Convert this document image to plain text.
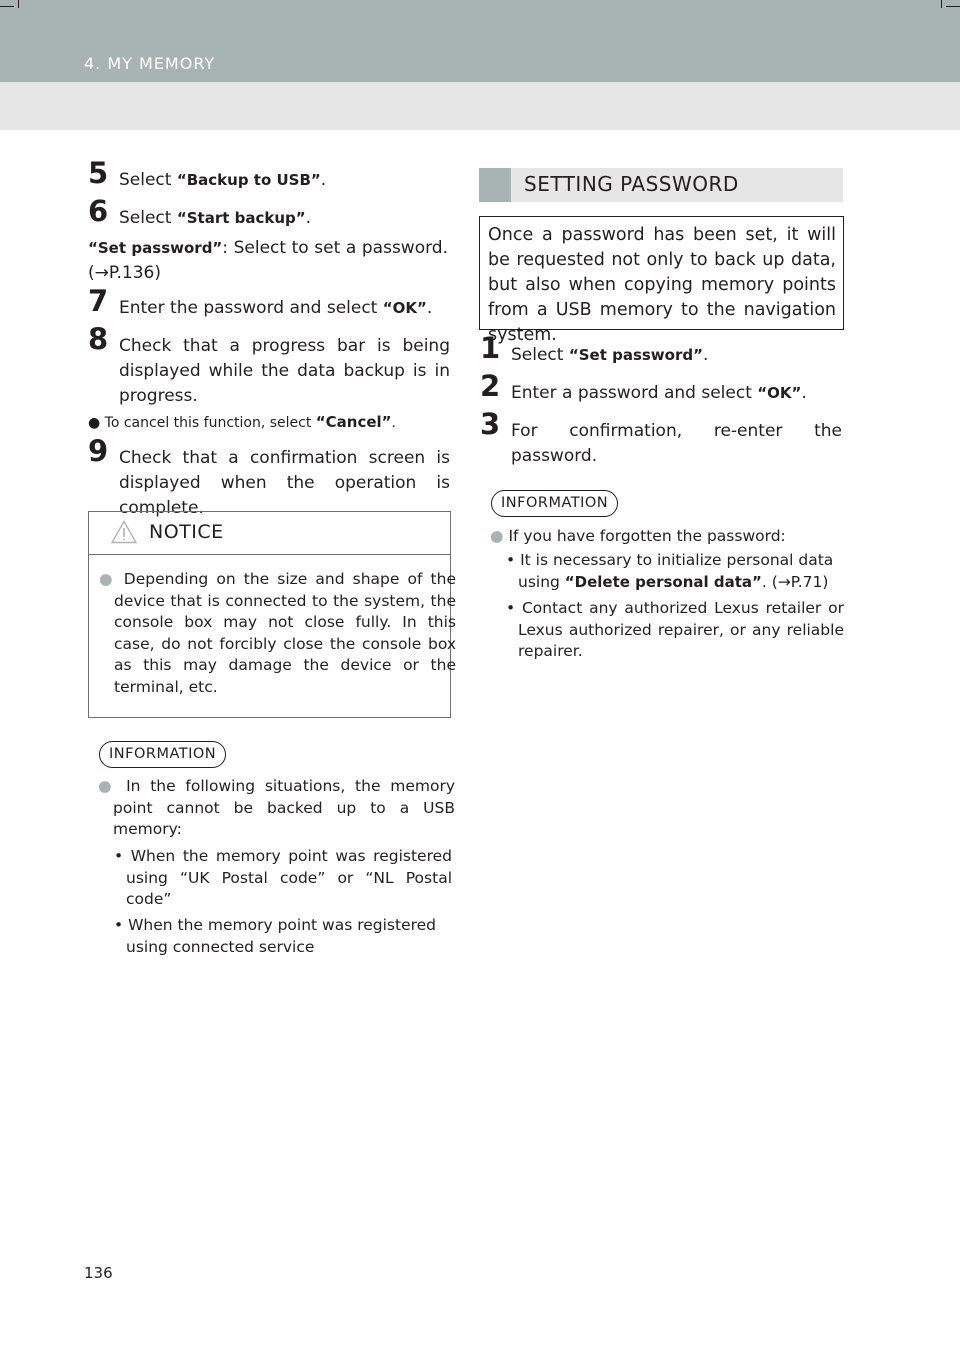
4. MY MEMORY
5 Select “Backup to USB”.
6 Select “Start backup”.
“Set password”: Select to set a password. (→P.136)
7 Enter the password and select “OK”.
8 Check that a progress bar is being displayed while the data backup is in progress.
● To cancel this function, select “Cancel”.
9 Check that a confirmation screen is displayed when the operation is complete.
NOTICE
● Depending on the size and shape of the device that is connected to the system, the console box may not close fully. In this case, do not forcibly close the console box as this may damage the device or the terminal, etc.
INFORMATION
● In the following situations, the memory point cannot be backed up to a USB memory:
• When the memory point was registered using “UK Postal code” or “NL Postal code”
• When the memory point was registered using connected service
SETTING PASSWORD
Once a password has been set, it will be requested not only to back up data, but also when copying memory points from a USB memory to the navigation system.
1 Select “Set password”.
2 Enter a password and select “OK”.
3 For confirmation, re-enter the password.
INFORMATION
● If you have forgotten the password:
• It is necessary to initialize personal data using “Delete personal data”. (→P.71)
• Contact any authorized Lexus retailer or Lexus authorized repairer, or any reliable repairer.
136
